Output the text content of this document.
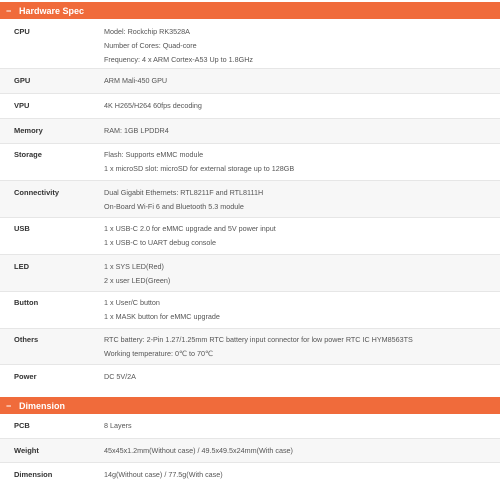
− Hardware Spec
CPU	Model: Rockchip RK3528A
Number of Cores: Quad-core
Frequency: 4 x ARM Cortex-A53 Up to 1.8GHz
GPU	ARM Mali-450 GPU
VPU	4K H265/H264 60fps decoding
Memory	RAM: 1GB LPDDR4
Storage	Flash: Supports eMMC module
1 x microSD slot: microSD for external storage up to 128GB
Connectivity	Dual Gigabit Ethernets: RTL8211F and RTL8111H
On-Board Wi-Fi 6 and Bluetooth 5.3 module
USB	1 x USB-C 2.0 for eMMC upgrade and 5V power input
1 x USB-C to UART debug console
LED	1 x SYS LED(Red)
2 x user LED(Green)
Button	1 x User/C button
1 x MASK button for eMMC upgrade
Others	RTC battery: 2-Pin 1.27/1.25mm RTC battery input connector for low power RTC IC HYM8563TS
Working temperature: 0℃ to 70℃
Power	DC 5V/2A
− Dimension
PCB	8 Layers
Weight	45x45x1.2mm(Without case) / 49.5x49.5x24mm(With case)
Dimension	14g(Without case) / 77.5g(With case)
